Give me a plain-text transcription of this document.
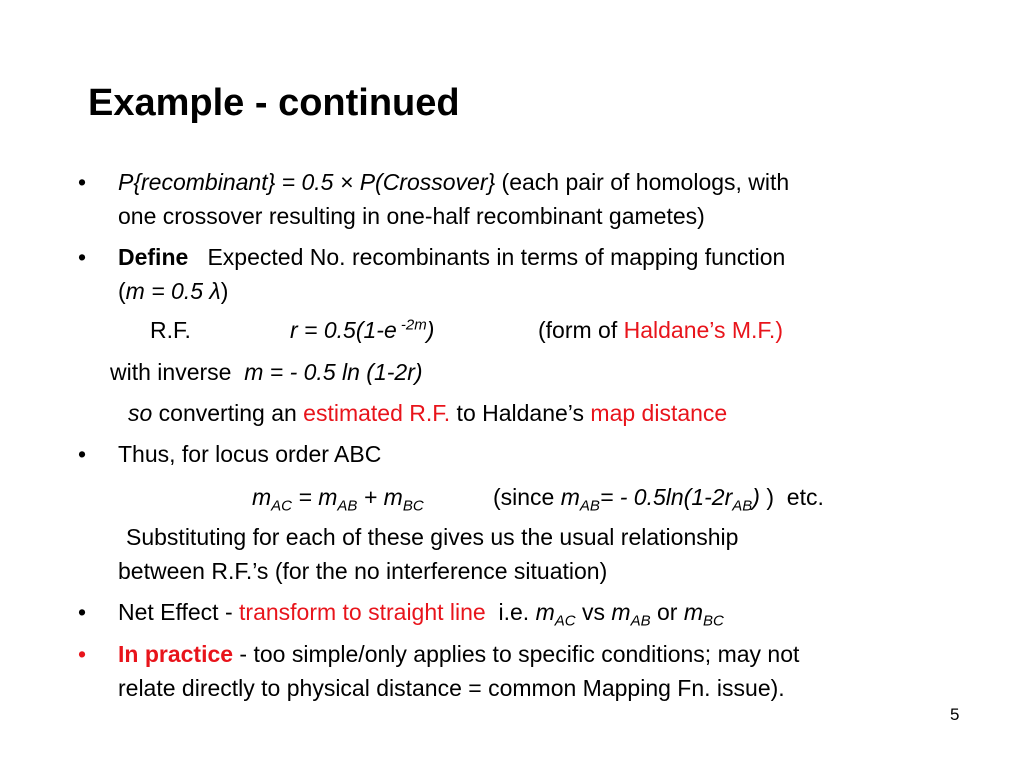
Example - continued
• P{recombinant} = 0.5 × P(Crossover} (each pair of homologs, with
one crossover resulting in one-half recombinant gametes)
• Define Expected No. recombinants in terms of mapping function
(m = 0.5 λ)
R.F.	r = 0.5(1-e $^{-2m}$)	(form of Haldane’s M.F.)
with inverse m = - 0.5 ln (1-2r)
so converting an estimated R.F. to Haldane’s map distance
• Thus, for locus order ABC
$m_{AC} = m_{AB} + m_{BC}$	(since $m_{AB}= - 0.5\ln(1-2r_{AB})$ ) etc.
Substituting for each of these gives us the usual relationship
between R.F.’s (for the no interference situation)
• Net Effect - transform to straight line i.e. $m_{AC}$ vs $m_{AB}$ or $m_{BC}$
• In practice - too simple/only applies to specific conditions; may not
relate directly to physical distance = common Mapping Fn. issue).
5
